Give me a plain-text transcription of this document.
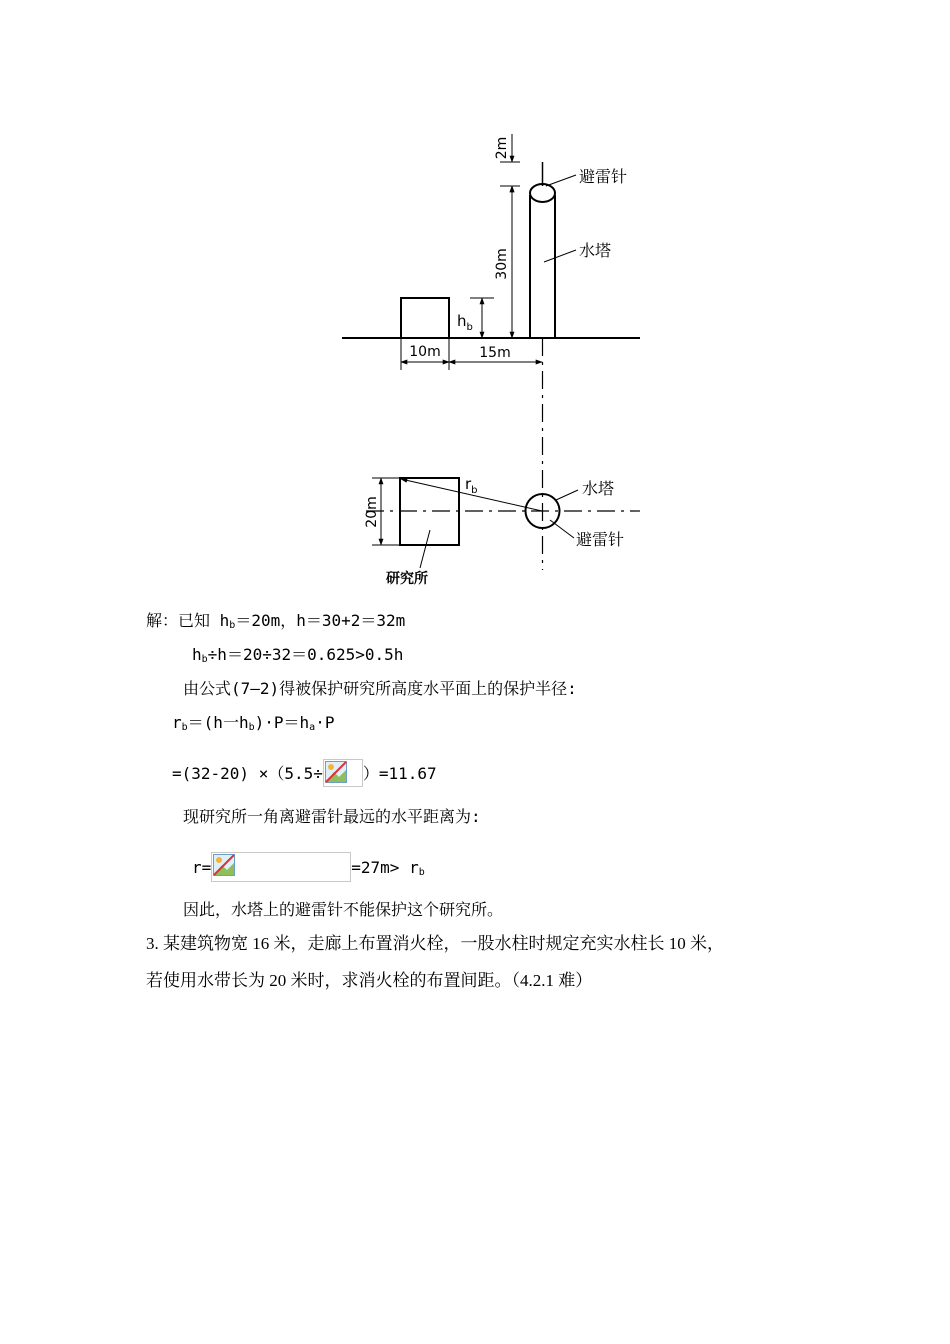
2m
避雷针
30m	水塔
$h_b$
10m	15m
20m
$r_b$	水塔
避雷针
研究所
解：已知 $h_b=20m$，h＝30+2＝32m
$h_b\div h=20\div 32=0.625>0.5h$
由公式(7—2)得被保护研究所高度水平面上的保护半径:
$r_b=(h$一$h_b)\cdot P=h_a\cdot P$
=(32-20) ×（5.5÷	）=11.67
现研究所一角离避雷针最远的水平距离为:
r=	$=27m> r_b$
因此，水塔上的避雷针不能保护这个研究所。
3. 某建筑物宽 16 米，走廊上布置消火栓，一股水柱时规定充实水柱长 10 米，
若使用水带长为 20 米时，求消火栓的布置间距。（4.2.1 难）
